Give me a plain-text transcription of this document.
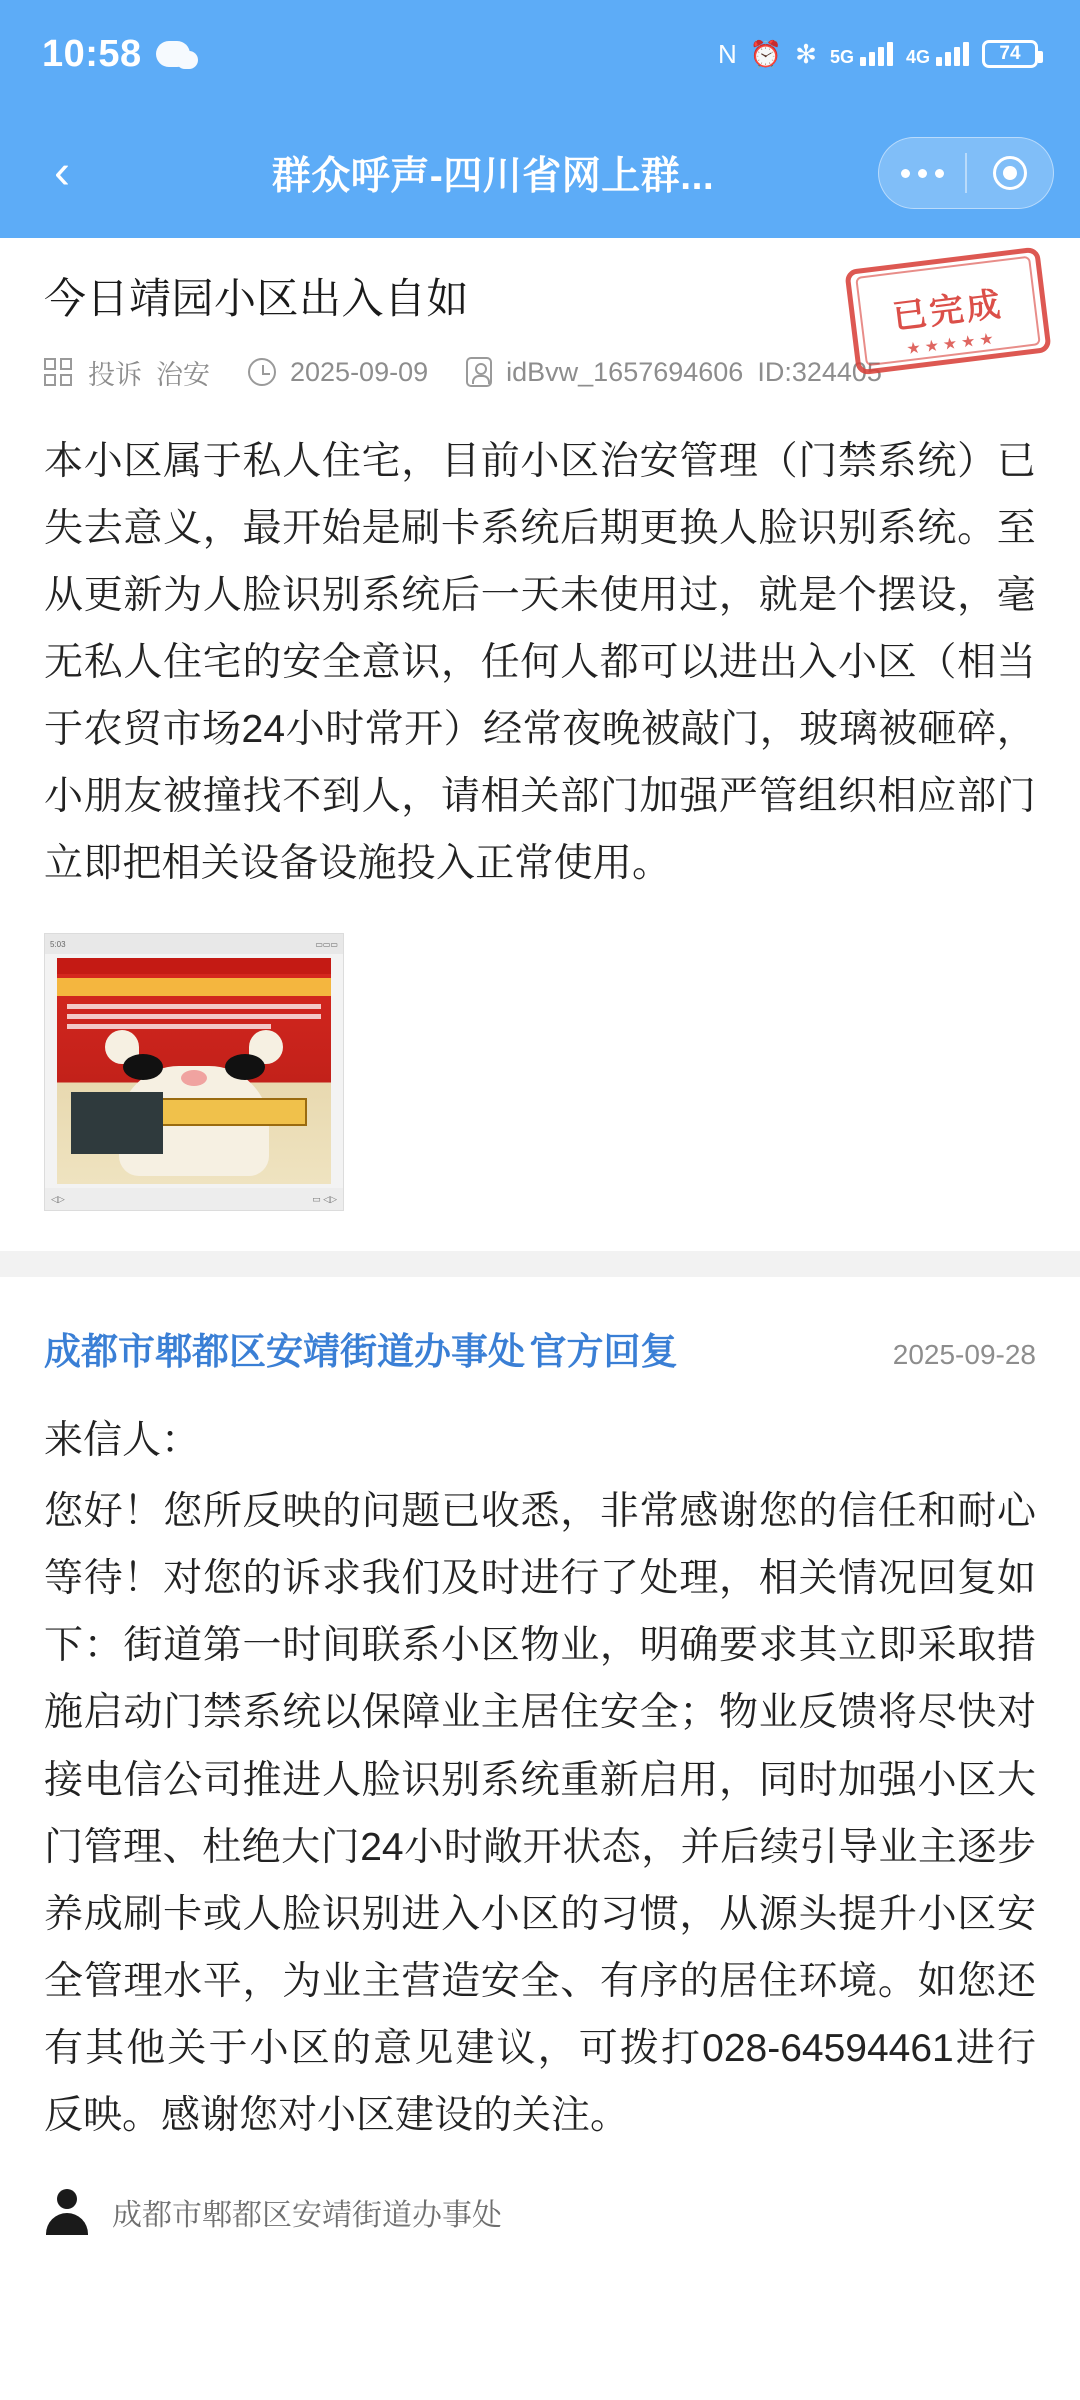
10:58	N ⏰ ✻ 5G	4G	74
‹	群众呼声-四川省网上群...
今日靖园小区出入自如	已完成
★★★★★
投诉 治安	2025-09-09	idBvw_1657694606 ID:324405
本小区属于私人住宅，目前小区治安管理（门禁系统）已失去意义，最开始是刷卡系统后期更换人脸识别系统。至从更新为人脸识别系统后一天未使用过，就是个摆设，毫无私人住宅的安全意识，任何人都可以进出入小区（相当于农贸市场24小时常开）经常夜晚被敲门，玻璃被砸碎，小朋友被撞找不到人，请相关部门加强严管组织相应部门立即把相关设备设施投入正常使用。
5:03	▭▭▭
◁▷	▭ ◁▷
成都市郫都区安靖街道办事处 官方回复	2025-09-28

来信人：

您好！您所反映的问题已收悉，非常感谢您的信任和耐心等待！对您的诉求我们及时进行了处理，相关情况回复如下：街道第一时间联系小区物业，明确要求其立即采取措施启动门禁系统以保障业主居住安全；物业反馈将尽快对接电信公司推进人脸识别系统重新启用，同时加强小区大门管理、杜绝大门24小时敞开状态，并后续引导业主逐步养成刷卡或人脸识别进入小区的习惯，从源头提升小区安全管理水平，为业主营造安全、有序的居住环境。如您还有其他关于小区的意见建议，可拨打028-64594461进行反映。感谢您对小区建设的关注。

成都市郫都区安靖街道办事处
